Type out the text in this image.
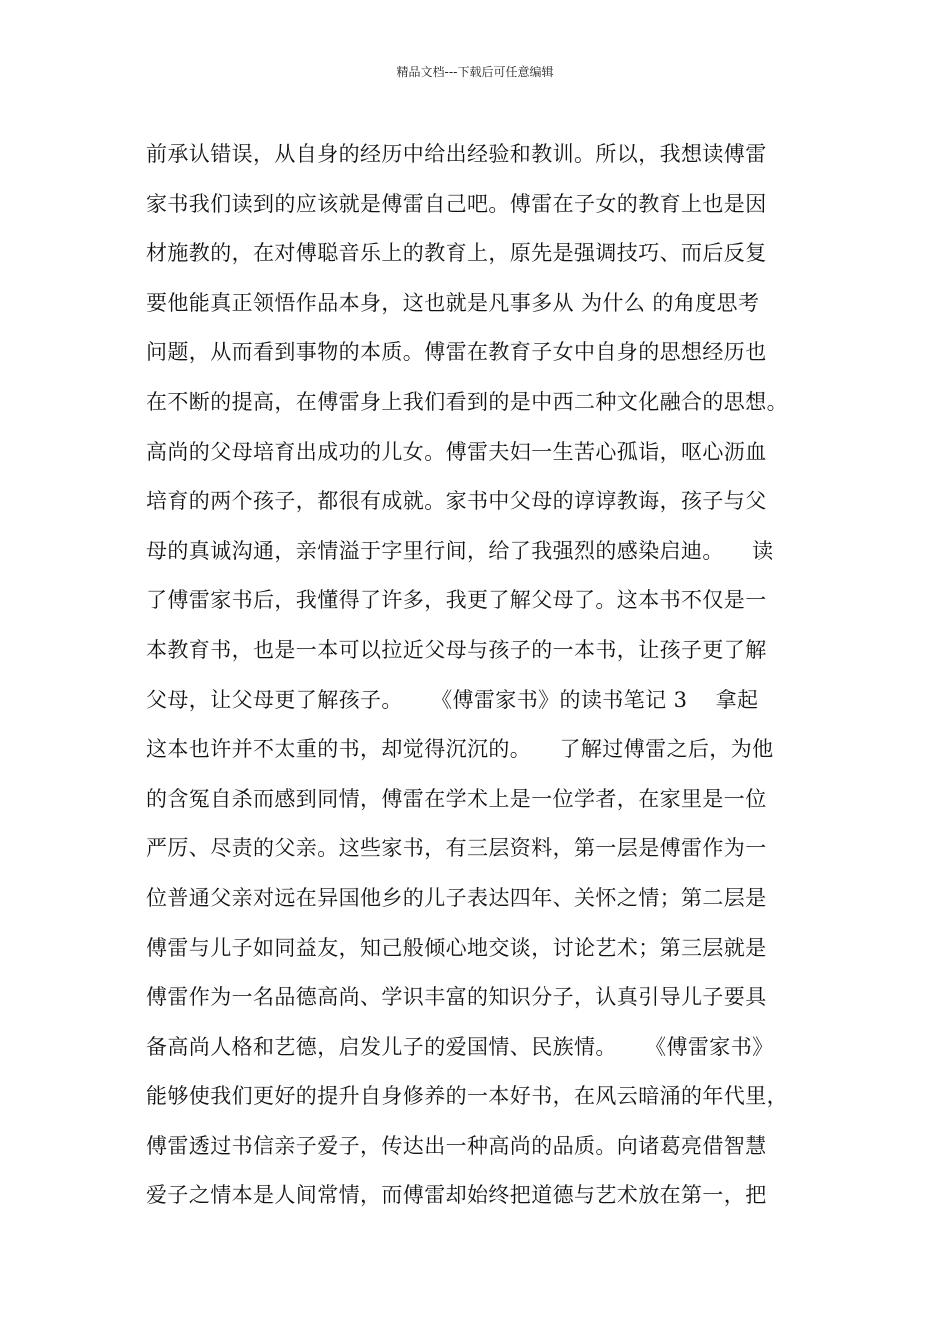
精品文档---下载后可任意编辑
前承认错误，从自身的经历中给出经验和教训。所以，我想读傅雷
家书我们读到的应该就是傅雷自己吧。傅雷在子女的教育上也是因
材施教的，在对傅聪音乐上的教育上，原先是强调技巧、而后反复
要他能真正领悟作品本身，这也就是凡事多从 为什么 的角度思考
问题，从而看到事物的本质。傅雷在教育子女中自身的思想经历也
在不断的提高，在傅雷身上我们看到的是中西二种文化融合的思想。
高尚的父母培育出成功的儿女。傅雷夫妇一生苦心孤诣，呕心沥血
培育的两个孩子，都很有成就。家书中父母的谆谆教诲，孩子与父
母的真诚沟通，亲情溢于字里行间，给了我强烈的感染启迪。    读
了傅雷家书后，我懂得了许多，我更了解父母了。这本书不仅是一
本教育书，也是一本可以拉近父母与孩子的一本书，让孩子更了解
父母，让父母更了解孩子。    《傅雷家书》的读书笔记 3    拿起
这本也许并不太重的书，却觉得沉沉的。    了解过傅雷之后，为他
的含冤自杀而感到同情，傅雷在学术上是一位学者，在家里是一位
严厉、尽责的父亲。这些家书，有三层资料，第一层是傅雷作为一
位普通父亲对远在异国他乡的儿子表达四年、关怀之情；第二层是
傅雷与儿子如同益友，知己般倾心地交谈，讨论艺术；第三层就是
傅雷作为一名品德高尚、学识丰富的知识分子，认真引导儿子要具
备高尚人格和艺德，启发儿子的爱国情、民族情。    《傅雷家书》
能够使我们更好的提升自身修养的一本好书，在风云暗涌的年代里，
傅雷透过书信亲子爱子，传达出一种高尚的品质。向诸葛亮借智慧
爱子之情本是人间常情，而傅雷却始终把道德与艺术放在第一，把
